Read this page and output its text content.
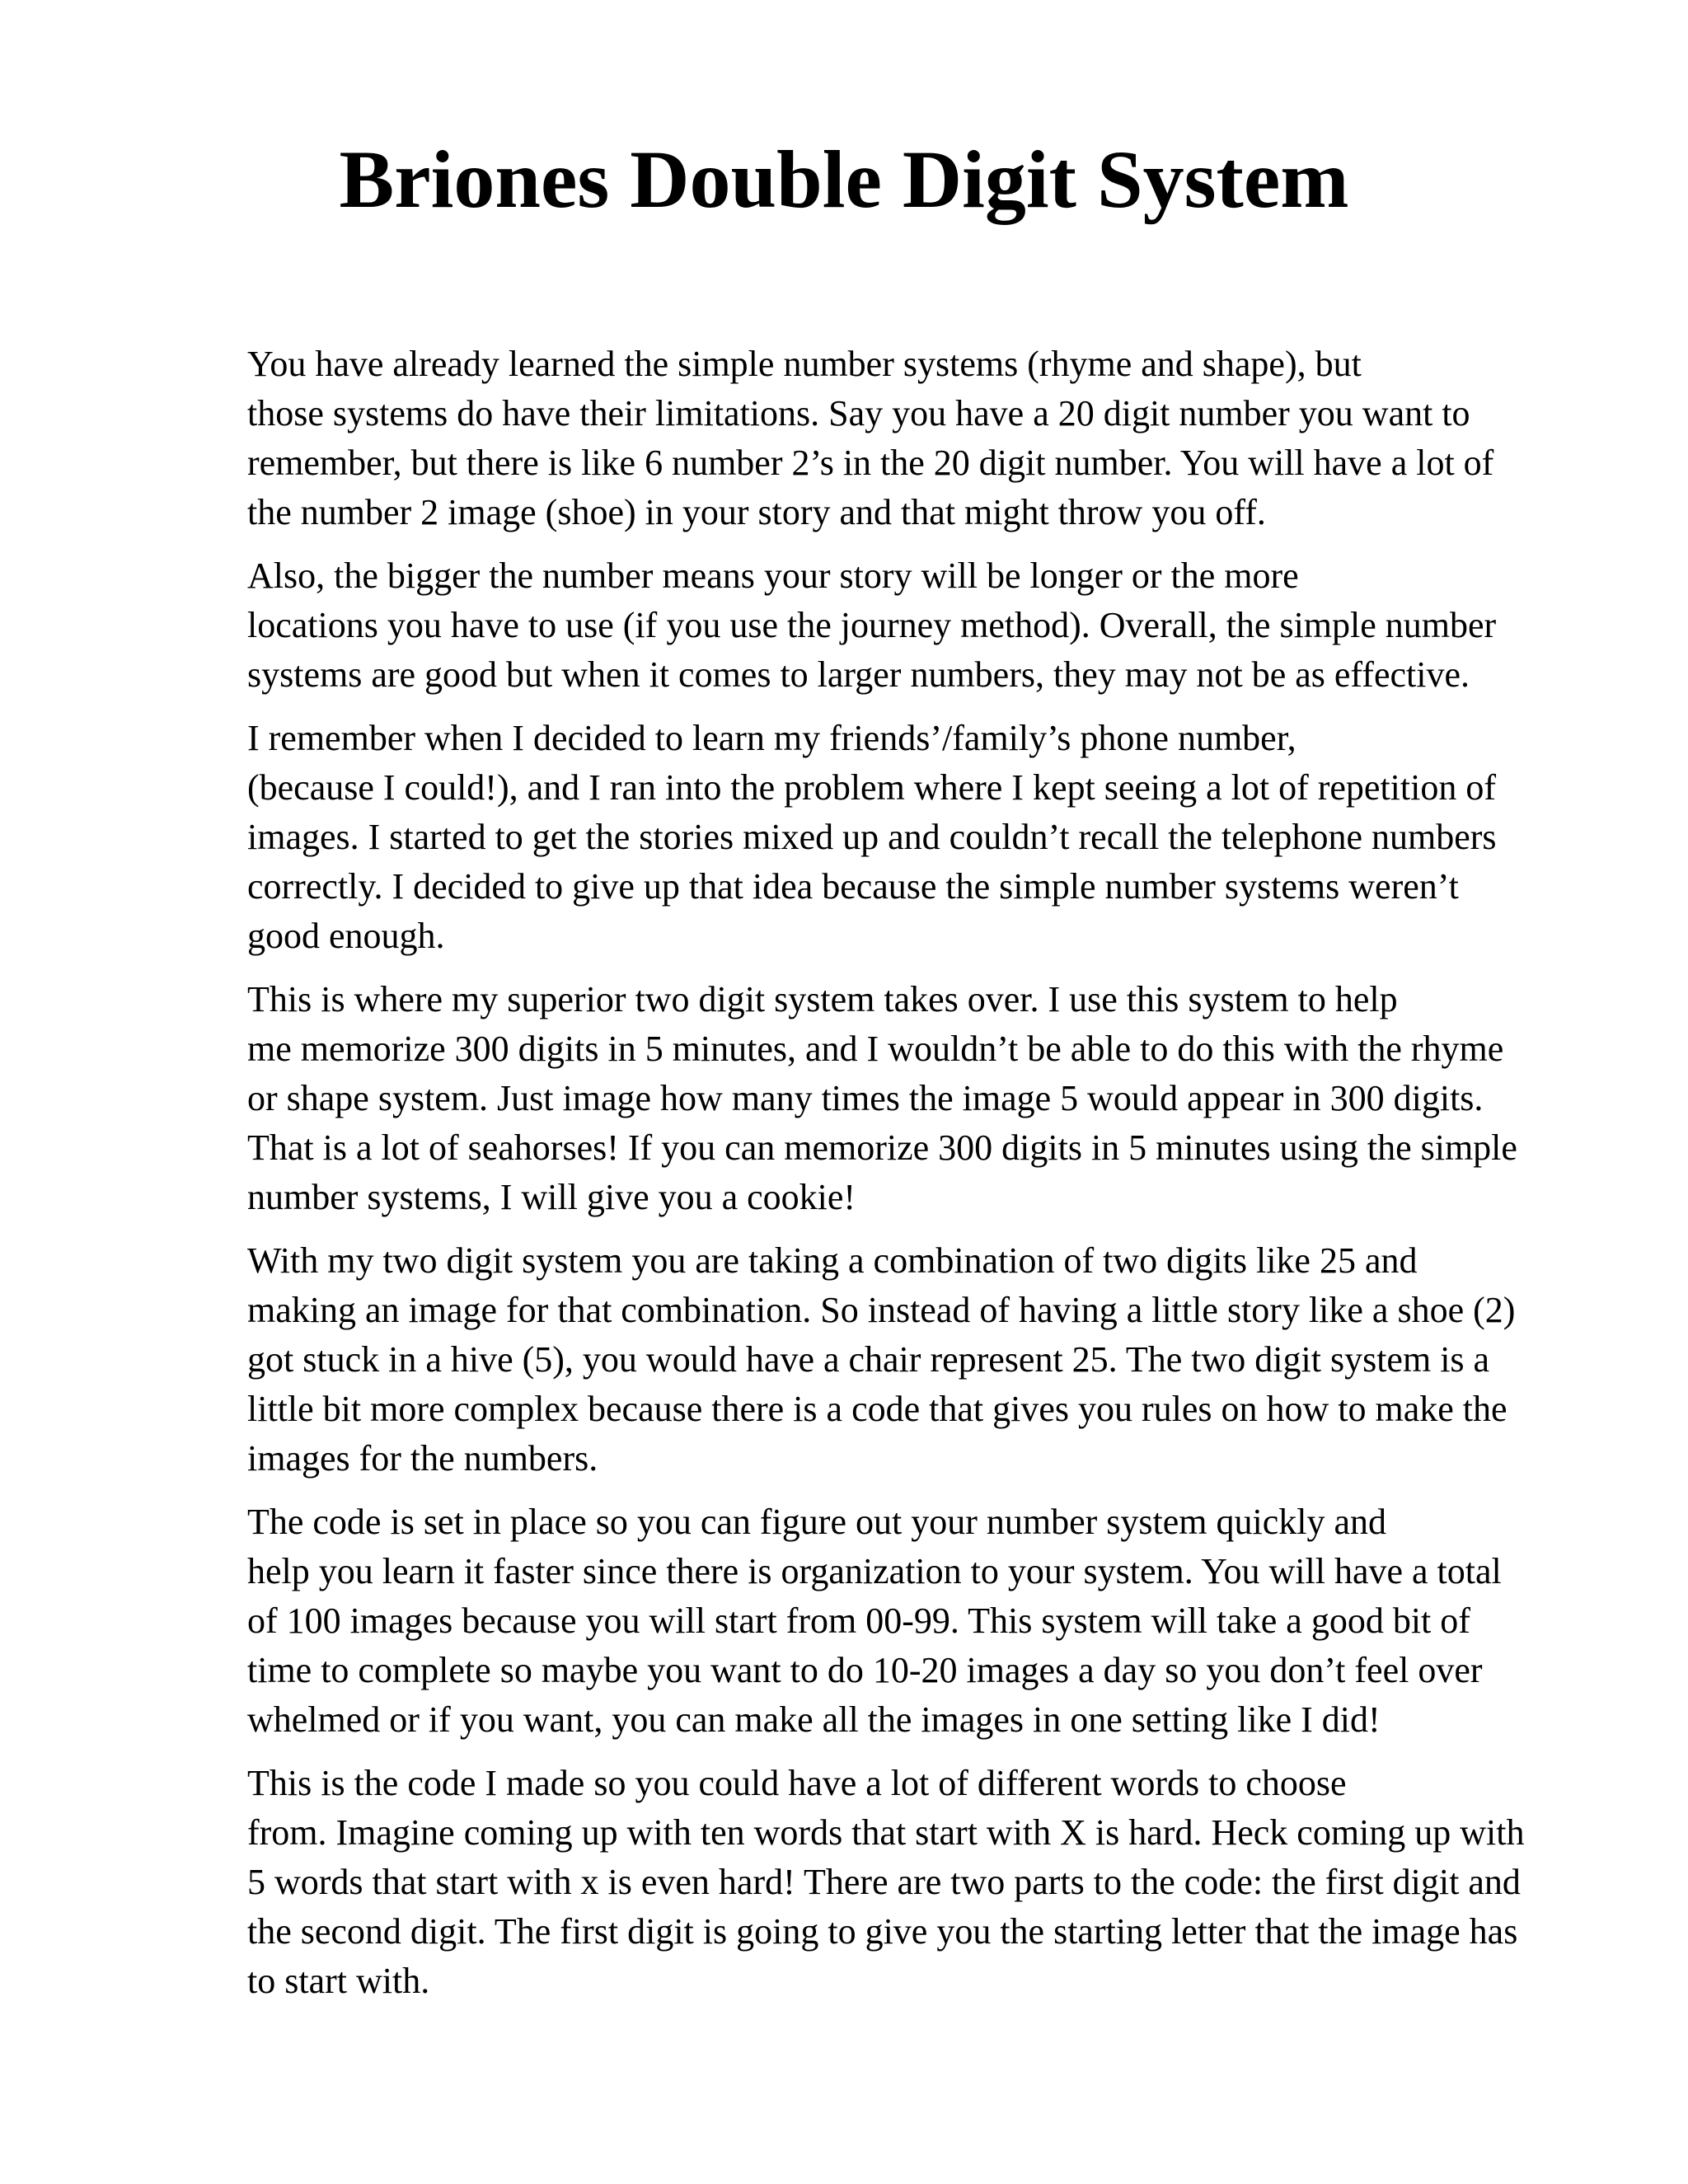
Briones Double Digit System

You have already learned the simple number systems (rhyme and shape), but
those systems do have their limitations. Say you have a 20 digit number you want to
remember, but there is like 6 number 2’s in the 20 digit number. You will have a lot of
the number 2 image (shoe) in your story and that might throw you off.

Also, the bigger the number means your story will be longer or the more
locations you have to use (if you use the journey method). Overall, the simple number
systems are good but when it comes to larger numbers, they may not be as effective.

I remember when I decided to learn my friends’/family’s phone number,
(because I could!), and I ran into the problem where I kept seeing a lot of repetition of
images. I started to get the stories mixed up and couldn’t recall the telephone numbers
correctly. I decided to give up that idea because the simple number systems weren’t
good enough.

This is where my superior two digit system takes over. I use this system to help
me memorize 300 digits in 5 minutes, and I wouldn’t be able to do this with the rhyme
or shape system. Just image how many times the image 5 would appear in 300 digits.
That is a lot of seahorses! If you can memorize 300 digits in 5 minutes using the simple
number systems, I will give you a cookie!

With my two digit system you are taking a combination of two digits like 25 and
making an image for that combination. So instead of having a little story like a shoe (2)
got stuck in a hive (5), you would have a chair represent 25. The two digit system is a
little bit more complex because there is a code that gives you rules on how to make the
images for the numbers.

The code is set in place so you can figure out your number system quickly and
help you learn it faster since there is organization to your system. You will have a total
of 100 images because you will start from 00-99. This system will take a good bit of
time to complete so maybe you want to do 10-20 images a day so you don’t feel over
whelmed or if you want, you can make all the images in one setting like I did!

This is the code I made so you could have a lot of different words to choose
from. Imagine coming up with ten words that start with X is hard. Heck coming up with
5 words that start with x is even hard! There are two parts to the code: the first digit and
the second digit. The first digit is going to give you the starting letter that the image has
to start with.
